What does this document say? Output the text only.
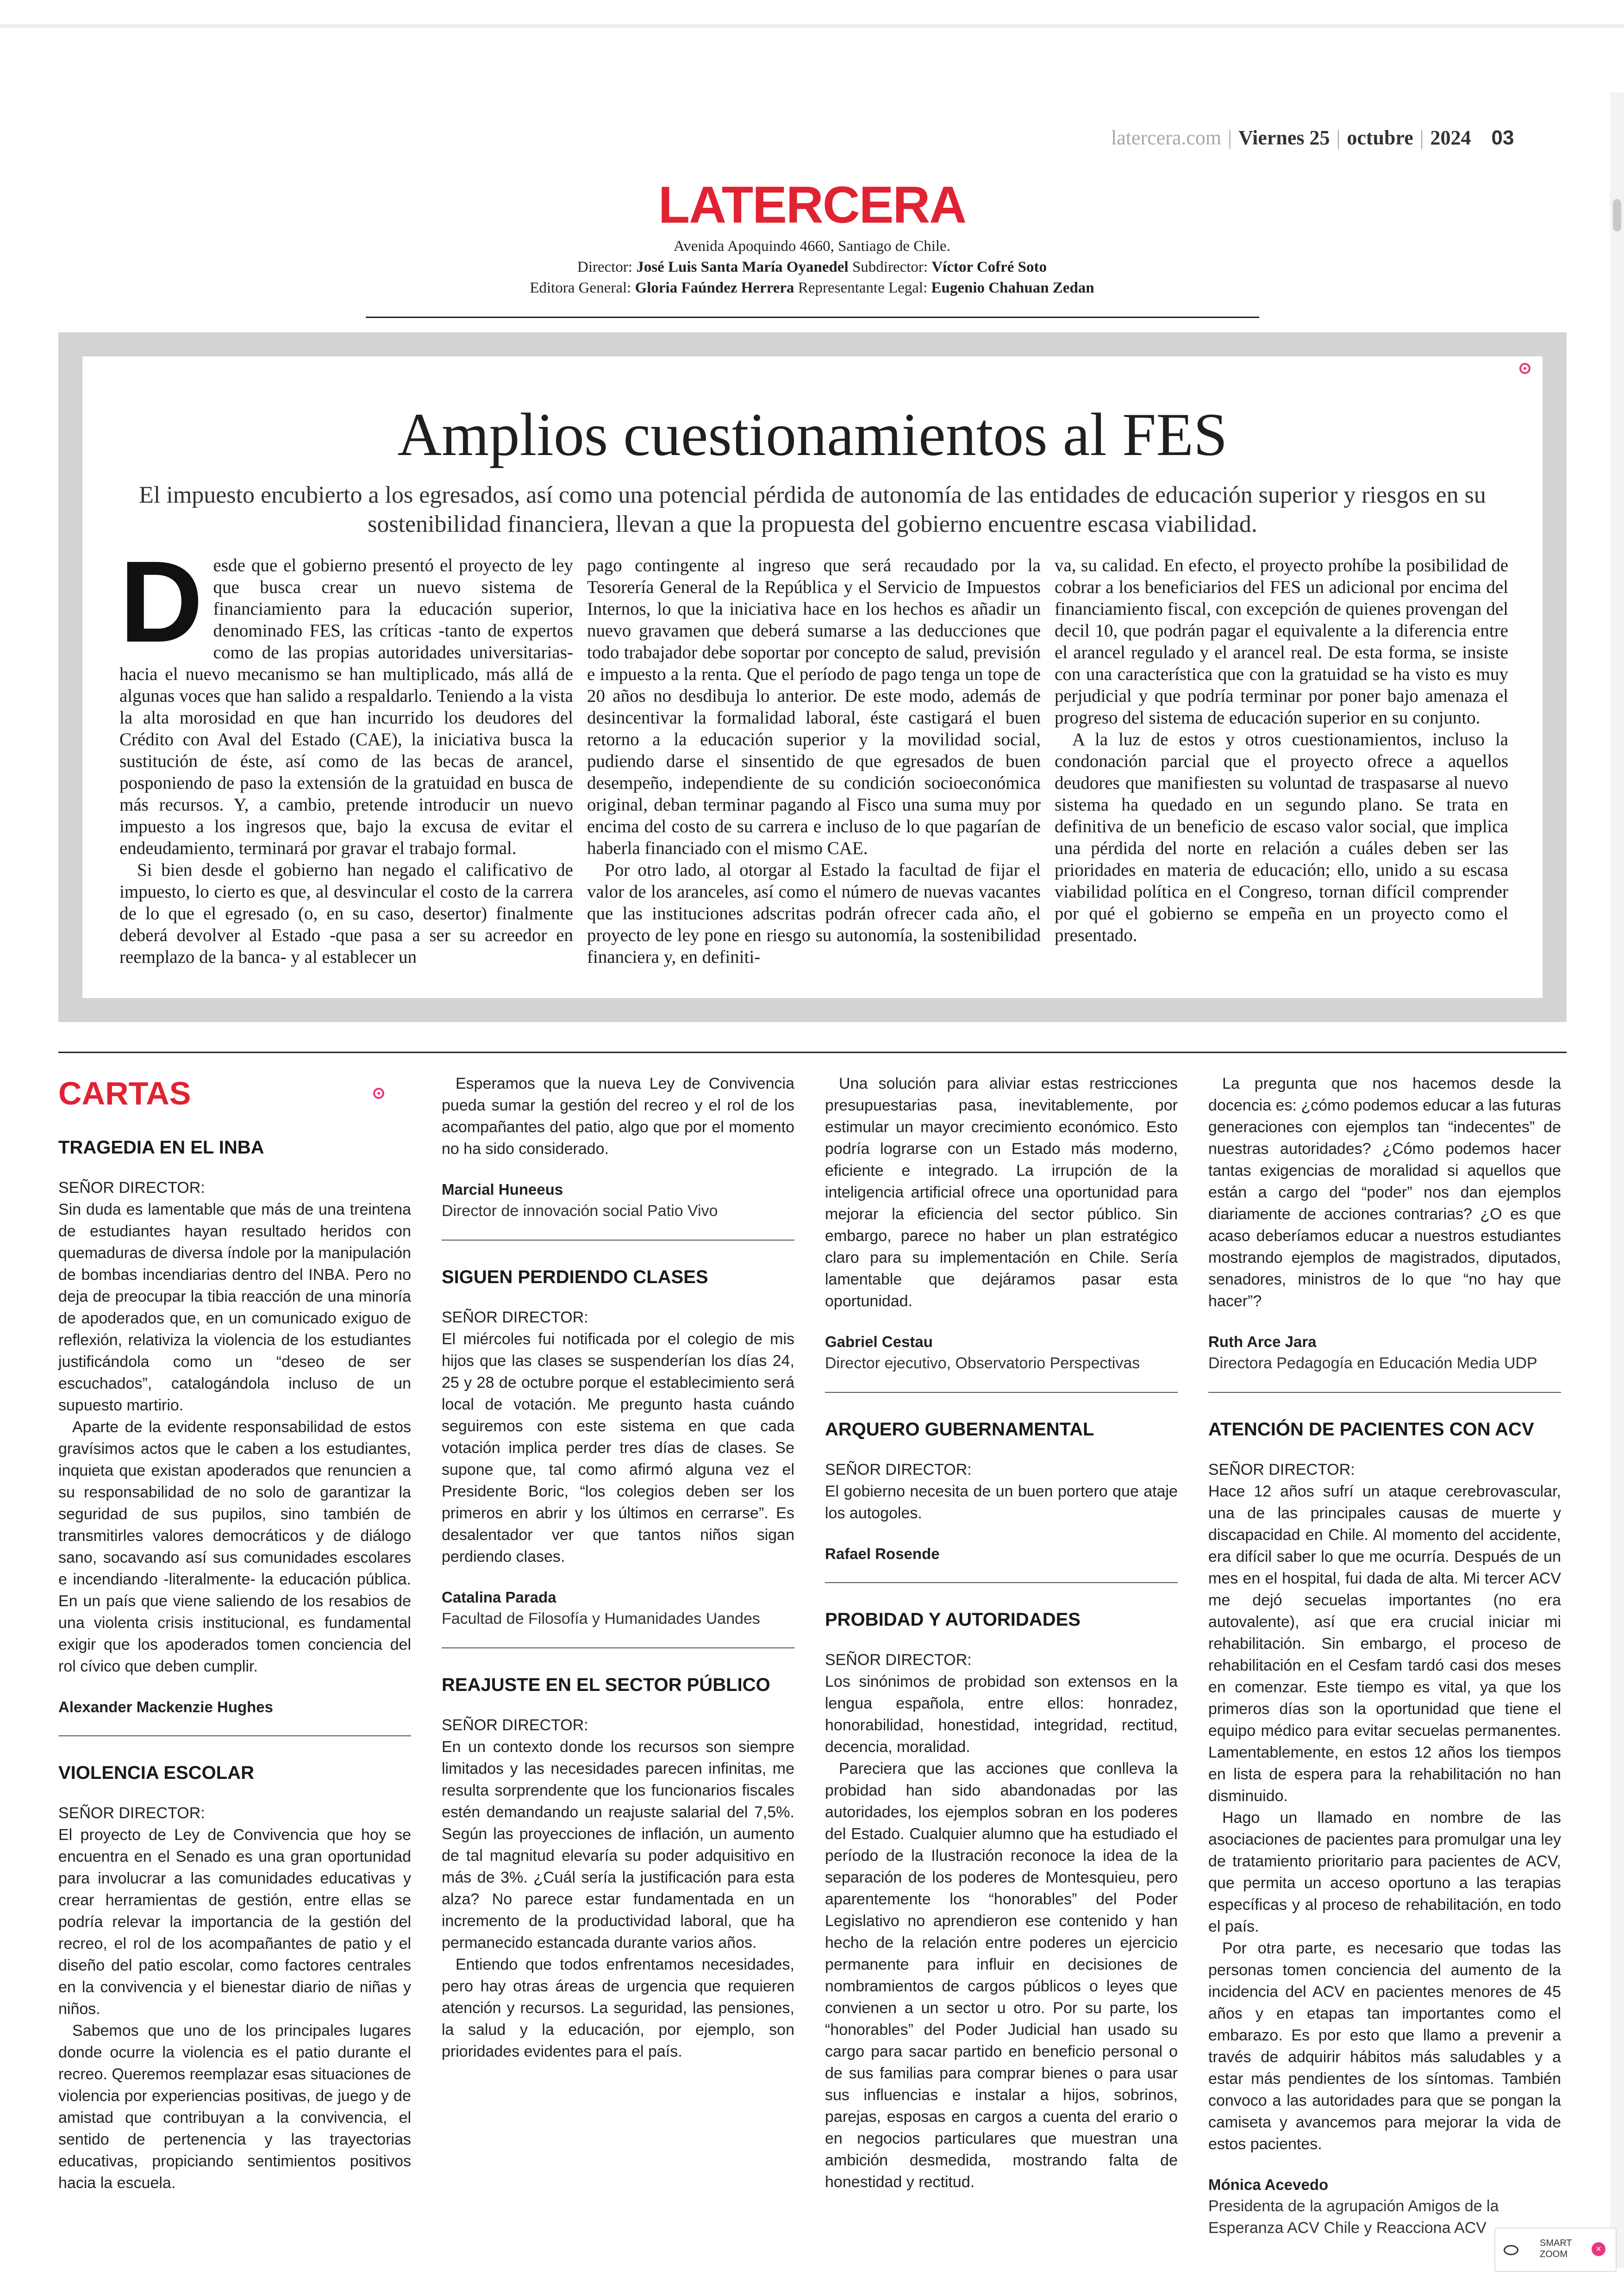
latercera.com | Viernes 25 | octubre | 2024 03
LATERCERA
Avenida Apoquindo 4660, Santiago de Chile.
Director: José Luis Santa María Oyanedel Subdirector: Víctor Cofré Soto
Editora General: Gloria Faúndez Herrera Representante Legal: Eugenio Chahuan Zedan
Amplios cuestionamientos al FES
El impuesto encubierto a los egresados, así como una potencial pérdida de autonomía de las entidades de educación superior y riesgos en su sostenibilidad financiera, llevan a que la propuesta del gobierno encuentre escasa viabilidad.

Desde que el gobierno presentó el proyecto de ley que busca crear un nuevo sistema de financiamiento para la educación superior, denominado FES, las críticas -tanto de expertos como de las propias autoridades universitarias- hacia el nuevo mecanismo se han multiplicado, más allá de algunas voces que han salido a respaldarlo. Teniendo a la vista la alta morosidad en que han incurrido los deudores del Crédito con Aval del Estado (CAE), la iniciativa busca la sustitución de éste, así como de las becas de arancel, posponiendo de paso la extensión de la gratuidad en busca de más recursos. Y, a cambio, pretende introducir un nuevo impuesto a los ingresos que, bajo la excusa de evitar el endeudamiento, terminará por gravar el trabajo formal.

Si bien desde el gobierno han negado el calificativo de impuesto, lo cierto es que, al desvincular el costo de la carrera de lo que el egresado (o, en su caso, desertor) finalmente deberá devolver al Estado -que pasa a ser su acreedor en reemplazo de la banca- y al establecer un

pago contingente al ingreso que será recaudado por la Tesorería General de la República y el Servicio de Impuestos Internos, lo que la iniciativa hace en los hechos es añadir un nuevo gravamen que deberá sumarse a las deducciones que todo trabajador debe soportar por concepto de salud, previsión e impuesto a la renta. Que el período de pago tenga un tope de 20 años no desdibuja lo anterior. De este modo, además de desincentivar la formalidad laboral, éste castigará el buen retorno a la educación superior y la movilidad social, pudiendo darse el sinsentido de que egresados de buen desempeño, independiente de su condición socioeconómica original, deban terminar pagando al Fisco una suma muy por encima del costo de su carrera e incluso de lo que pagarían de haberla financiado con el mismo CAE.

Por otro lado, al otorgar al Estado la facultad de fijar el valor de los aranceles, así como el número de nuevas vacantes que las instituciones adscritas podrán ofrecer cada año, el proyecto de ley pone en riesgo su autonomía, la sostenibilidad financiera y, en definiti-

va, su calidad. En efecto, el proyecto prohíbe la posibilidad de cobrar a los beneficiarios del FES un adicional por encima del financiamiento fiscal, con excepción de quienes provengan del decil 10, que podrán pagar el equivalente a la diferencia entre el arancel regulado y el arancel real. De esta forma, se insiste con una característica que con la gratuidad se ha visto es muy perjudicial y que podría terminar por poner bajo amenaza el progreso del sistema de educación superior en su conjunto.

A la luz de estos y otros cuestionamientos, incluso la condonación parcial que el proyecto ofrece a aquellos deudores que manifiesten su voluntad de traspasarse al nuevo sistema ha quedado en un segundo plano. Se trata en definitiva de un beneficio de escaso valor social, que implica una pérdida del norte en relación a cuáles deben ser las prioridades en materia de educación; ello, unido a su escasa viabilidad política en el Congreso, tornan difícil comprender por qué el gobierno se empeña en un proyecto como el presentado.

CARTAS
TRAGEDIA EN EL INBA

SEÑOR DIRECTOR:

Sin duda es lamentable que más de una treintena de estudiantes hayan resultado heridos con quemaduras de diversa índole por la manipulación de bombas incendiarias dentro del INBA. Pero no deja de preocupar la tibia reacción de una minoría de apoderados que, en un comunicado exiguo de reflexión, relativiza la violencia de los estudiantes justificándola como un “deseo de ser escuchados”, catalogándola incluso de un supuesto martirio.

Aparte de la evidente responsabilidad de estos gravísimos actos que le caben a los estudiantes, inquieta que existan apoderados que renuncien a su responsabilidad de no solo de garantizar la seguridad de sus pupilos, sino también de transmitirles valores democráticos y de diálogo sano, socavando así sus comunidades escolares e incendiando -literalmente- la educación pública. En un país que viene saliendo de los resabios de una violenta crisis institucional, es fundamental exigir que los apoderados tomen conciencia del rol cívico que deben cumplir.

Alexander Mackenzie Hughes
VIOLENCIA ESCOLAR

SEÑOR DIRECTOR:

El proyecto de Ley de Convivencia que hoy se encuentra en el Senado es una gran oportunidad para involucrar a las comunidades educativas y crear herramientas de gestión, entre ellas se podría relevar la importancia de la gestión del recreo, el rol de los acompañantes de patio y el diseño del patio escolar, como factores centrales en la convivencia y el bienestar diario de niñas y niños.

Sabemos que uno de los principales lugares donde ocurre la violencia es el patio durante el recreo. Queremos reemplazar esas situaciones de violencia por experiencias positivas, de juego y de amistad que contribuyan a la convivencia, el sentido de pertenencia y las trayectorias educativas, propiciando sentimientos positivos hacia la escuela.

Esperamos que la nueva Ley de Convivencia pueda sumar la gestión del recreo y el rol de los acompañantes del patio, algo que por el momento no ha sido considerado.

Marcial Huneeus
Director de innovación social Patio Vivo
SIGUEN PERDIENDO CLASES

SEÑOR DIRECTOR:

El miércoles fui notificada por el colegio de mis hijos que las clases se suspenderían los días 24, 25 y 28 de octubre porque el establecimiento será local de votación. Me pregunto hasta cuándo seguiremos con este sistema en que cada votación implica perder tres días de clases. Se supone que, tal como afirmó alguna vez el Presidente Boric, “los colegios deben ser los primeros en abrir y los últimos en cerrarse”. Es desalentador ver que tantos niños sigan perdiendo clases.

Catalina Parada
Facultad de Filosofía y Humanidades Uandes
REAJUSTE EN EL SECTOR PÚBLICO

SEÑOR DIRECTOR:

En un contexto donde los recursos son siempre limitados y las necesidades parecen infinitas, me resulta sorprendente que los funcionarios fiscales estén demandando un reajuste salarial del 7,5%. Según las proyecciones de inflación, un aumento de tal magnitud elevaría su poder adquisitivo en más de 3%. ¿Cuál sería la justificación para esta alza? No parece estar fundamentada en un incremento de la productividad laboral, que ha permanecido estancada durante varios años.

Entiendo que todos enfrentamos necesidades, pero hay otras áreas de urgencia que requieren atención y recursos. La seguridad, las pensiones, la salud y la educación, por ejemplo, son prioridades evidentes para el país.

Una solución para aliviar estas restricciones presupuestarias pasa, inevitablemente, por estimular un mayor crecimiento económico. Esto podría lograrse con un Estado más moderno, eficiente e integrado. La irrupción de la inteligencia artificial ofrece una oportunidad para mejorar la eficiencia del sector público. Sin embargo, parece no haber un plan estratégico claro para su implementación en Chile. Sería lamentable que dejáramos pasar esta oportunidad.

Gabriel Cestau
Director ejecutivo, Observatorio Perspectivas
ARQUERO GUBERNAMENTAL

SEÑOR DIRECTOR:

El gobierno necesita de un buen portero que ataje los autogoles.

Rafael Rosende
PROBIDAD Y AUTORIDADES

SEÑOR DIRECTOR:

Los sinónimos de probidad son extensos en la lengua española, entre ellos: honradez, honorabilidad, honestidad, integridad, rectitud, decencia, moralidad.

Pareciera que las acciones que conlleva la probidad han sido abandonadas por las autoridades, los ejemplos sobran en los poderes del Estado. Cualquier alumno que ha estudiado el período de la Ilustración reconoce la idea de la separación de los poderes de Montesquieu, pero aparentemente los “honorables” del Poder Legislativo no aprendieron ese contenido y han hecho de la relación entre poderes un ejercicio permanente para influir en decisiones de nombramientos de cargos públicos o leyes que convienen a un sector u otro. Por su parte, los “honorables” del Poder Judicial han usado su cargo para sacar partido en beneficio personal o de sus familias para comprar bienes o para usar sus influencias e instalar a hijos, sobrinos, parejas, esposas en cargos a cuenta del erario o en negocios particulares que muestran una ambición desmedida, mostrando falta de honestidad y rectitud.

La pregunta que nos hacemos desde la docencia es: ¿cómo podemos educar a las futuras generaciones con ejemplos tan “indecentes” de nuestras autoridades? ¿Cómo podemos hacer tantas exigencias de moralidad si aquellos que están a cargo del “poder” nos dan ejemplos diariamente de acciones contrarias? ¿O es que acaso deberíamos educar a nuestros estudiantes mostrando ejemplos de magistrados, diputados, senadores, ministros de lo que “no hay que hacer”?

Ruth Arce Jara
Directora Pedagogía en Educación Media UDP
ATENCIÓN DE PACIENTES CON ACV

SEÑOR DIRECTOR:

Hace 12 años sufrí un ataque cerebrovascular, una de las principales causas de muerte y discapacidad en Chile. Al momento del accidente, era difícil saber lo que me ocurría. Después de un mes en el hospital, fui dada de alta. Mi tercer ACV me dejó secuelas importantes (no era autovalente), así que era crucial iniciar mi rehabilitación. Sin embargo, el proceso de rehabilitación en el Cesfam tardó casi dos meses en comenzar. Este tiempo es vital, ya que los primeros días son la oportunidad que tiene el equipo médico para evitar secuelas permanentes. Lamentablemente, en estos 12 años los tiempos en lista de espera para la rehabilitación no han disminuido.

Hago un llamado en nombre de las asociaciones de pacientes para promulgar una ley de tratamiento prioritario para pacientes de ACV, que permita un acceso oportuno a las terapias específicas y al proceso de rehabilitación, en todo el país.

Por otra parte, es necesario que todas las personas tomen conciencia del aumento de la incidencia del ACV en pacientes menores de 45 años y en etapas tan importantes como el embarazo. Es por esto que llamo a prevenir a través de adquirir hábitos más saludables y a estar más pendientes de los síntomas. También convoco a las autoridades para que se pongan la camiseta y avancemos para mejorar la vida de estos pacientes.

Mónica Acevedo
Presidenta de la agrupación Amigos de la Esperanza ACV Chile y Reacciona ACV
SMART
ZOOM	×
